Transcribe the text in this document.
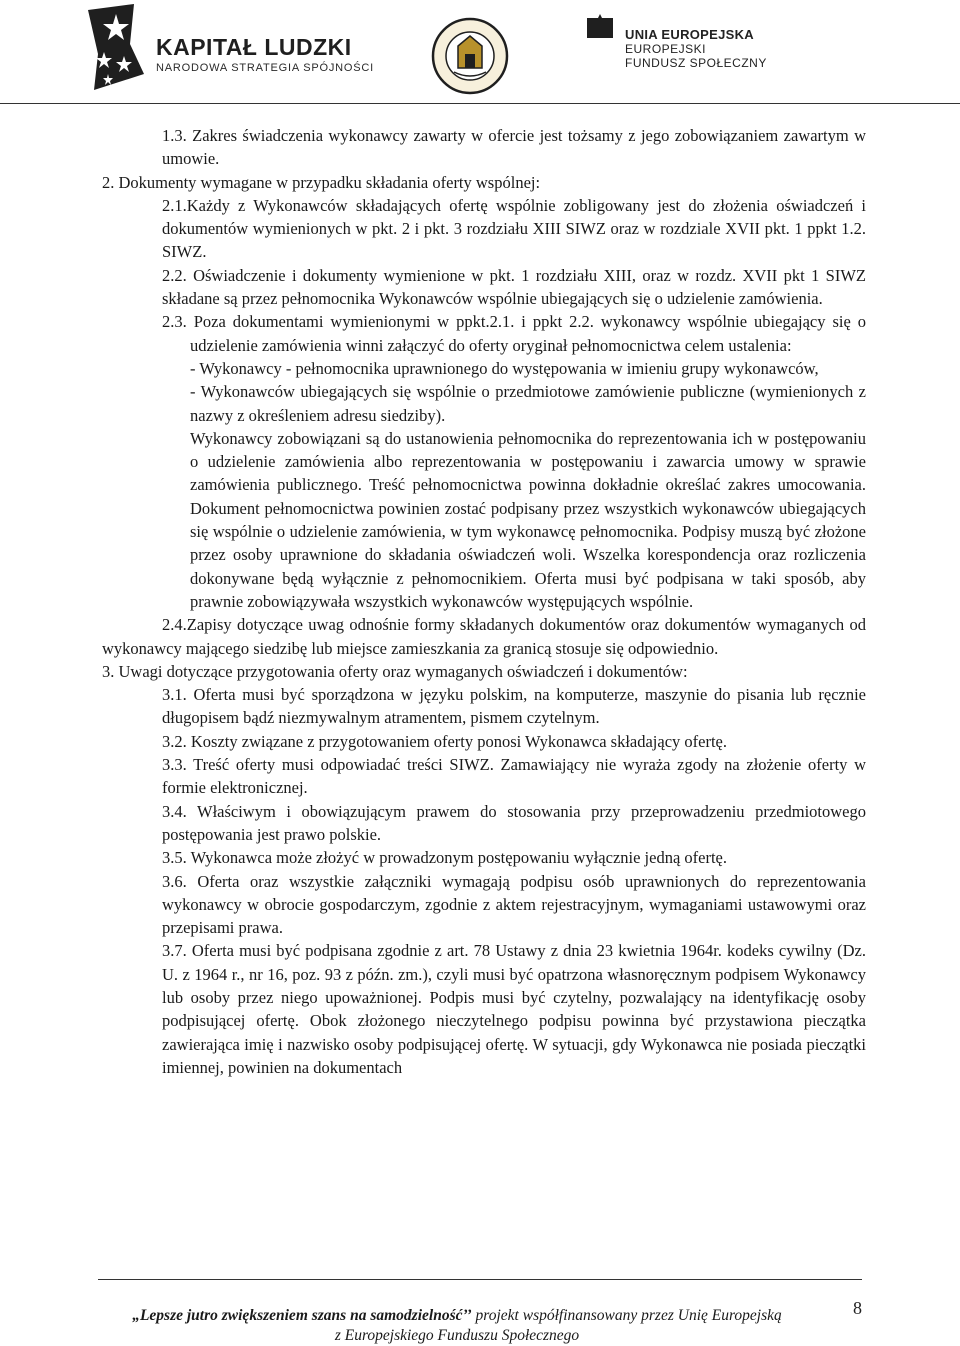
KAPITAŁ LUDZKI
NARODOWA STRATEGIA SPÓJNOŚCI
UNIA EUROPEJSKA
EUROPEJSKI
FUNDUSZ SPOŁECZNY

1.3. Zakres świadczenia wykonawcy zawarty w ofercie jest tożsamy z jego zobowiązaniem zawartym w umowie.

2. Dokumenty wymagane w przypadku składania oferty wspólnej:

2.1.Każdy z Wykonawców składających ofertę wspólnie zobligowany jest do złożenia oświadczeń i dokumentów wymienionych w pkt. 2 i pkt. 3 rozdziału XIII SIWZ oraz w rozdziale XVII pkt. 1 ppkt 1.2. SIWZ.

2.2. Oświadczenie i dokumenty wymienione w pkt. 1 rozdziału XIII, oraz w rozdz. XVII pkt 1 SIWZ składane są przez pełnomocnika Wykonawców wspólnie ubiegających się o udzielenie zamówienia.

2.3. Poza dokumentami wymienionymi w ppkt.2.1. i ppkt 2.2. wykonawcy wspólnie ubiegający się o udzielenie zamówienia winni załączyć do oferty oryginał pełnomocnictwa celem ustalenia:

- Wykonawcy - pełnomocnika uprawnionego do występowania w imieniu grupy wykonawców,

- Wykonawców ubiegających się wspólnie o przedmiotowe zamówienie publiczne (wymienionych z nazwy z określeniem adresu siedziby).

Wykonawcy zobowiązani są do ustanowienia pełnomocnika do reprezentowania ich w postępowaniu o udzielenie zamówienia albo reprezentowania w postępowaniu i zawarcia umowy w sprawie zamówienia publicznego. Treść pełnomocnictwa powinna dokładnie określać zakres umocowania. Dokument pełnomocnictwa powinien zostać podpisany przez wszystkich wykonawców ubiegających się wspólnie o udzielenie zamówienia, w tym wykonawcę pełnomocnika. Podpisy muszą być złożone przez osoby uprawnione do składania oświadczeń woli. Wszelka korespondencja oraz rozliczenia dokonywane będą wyłącznie z pełnomocnikiem. Oferta musi być podpisana w taki sposób, aby prawnie zobowiązywała wszystkich wykonawców występujących wspólnie.

2.4.Zapisy dotyczące uwag odnośnie formy składanych dokumentów oraz dokumentów wymaganych od wykonawcy mającego siedzibę lub miejsce zamieszkania za granicą stosuje się odpowiednio.

3. Uwagi dotyczące przygotowania oferty oraz wymaganych oświadczeń i dokumentów:

3.1. Oferta musi być sporządzona w języku polskim, na komputerze, maszynie do pisania lub ręcznie długopisem bądź niezmywalnym atramentem, pismem czytelnym.

3.2. Koszty związane z przygotowaniem oferty ponosi Wykonawca składający ofertę.

3.3. Treść oferty musi odpowiadać treści SIWZ. Zamawiający nie wyraża zgody na złożenie oferty w formie elektronicznej.

3.4. Właściwym i obowiązującym prawem do stosowania przy przeprowadzeniu przedmiotowego postępowania jest prawo polskie.

3.5. Wykonawca może złożyć w prowadzonym postępowaniu wyłącznie jedną ofertę.

3.6. Oferta oraz wszystkie załączniki wymagają podpisu osób uprawnionych do reprezentowania wykonawcy w obrocie gospodarczym, zgodnie z aktem rejestracyjnym, wymaganiami ustawowymi oraz przepisami prawa.

3.7. Oferta musi być podpisana zgodnie z art. 78 Ustawy z dnia 23 kwietnia 1964r. kodeks cywilny (Dz. U. z 1964 r., nr 16, poz. 93 z późn. zm.), czyli musi być opatrzona własnoręcznym podpisem Wykonawcy lub osoby przez niego upoważnionej. Podpis musi być czytelny, pozwalający na identyfikację osoby podpisującej ofertę. Obok złożonego nieczytelnego podpisu powinna być przystawiona pieczątka zawierająca imię i nazwisko osoby podpisującej ofertę. W sytuacji, gdy Wykonawca nie posiada pieczątki imiennej, powinien na dokumentach

„Lepsze jutro zwiększeniem szans na samodzielność’’ projekt współfinansowany przez Unię Europejską
z Europejskiego Funduszu Społecznego
8
